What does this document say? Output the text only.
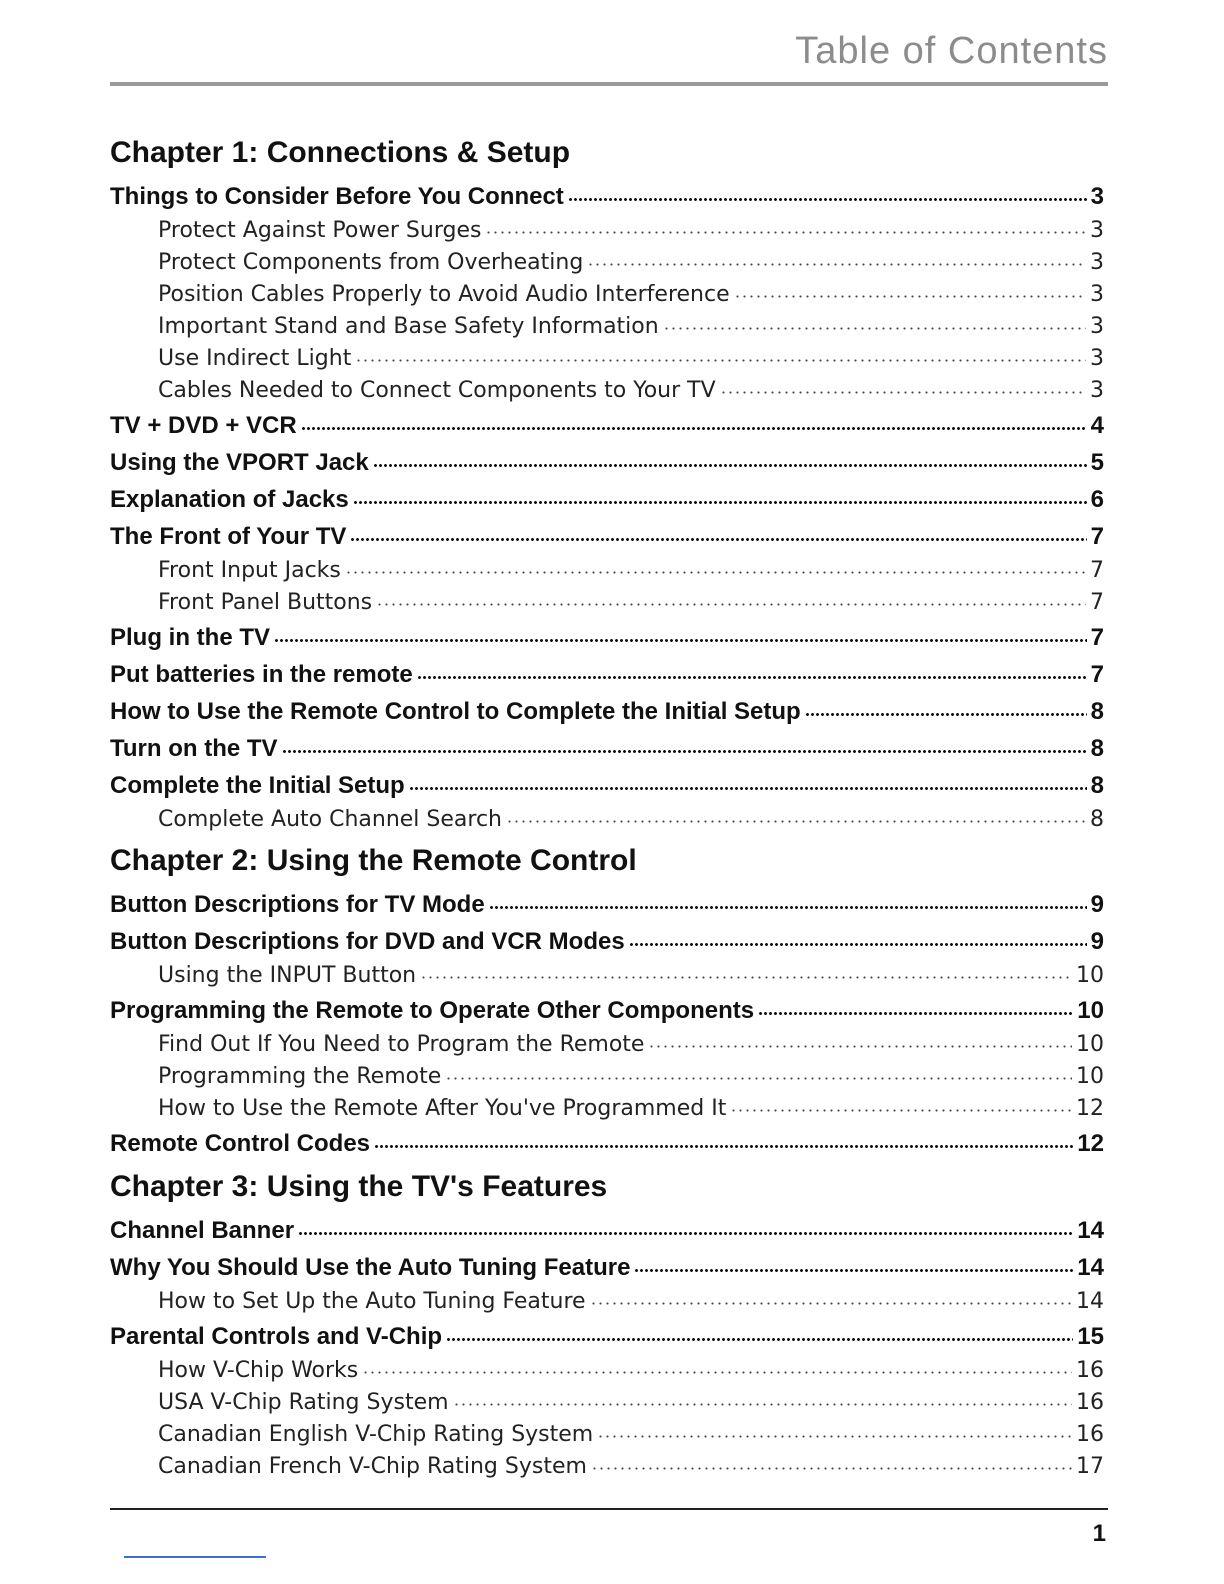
Table of Contents
Chapter 1: Connections & Setup
Things to Consider Before You Connect	3
Protect Against Power Surges	3
Protect Components from Overheating	3
Position Cables Properly to Avoid Audio Interference	3
Important Stand and Base Safety Information	3
Use Indirect Light	3
Cables Needed to Connect Components to Your TV	3
TV + DVD + VCR	4
Using the VPORT Jack	5
Explanation of Jacks	6
The Front of Your TV	7
Front Input Jacks	7
Front Panel Buttons	7
Plug in the TV	7
Put batteries in the remote	7
How to Use the Remote Control to Complete the Initial Setup	8
Turn on the TV	8
Complete the Initial Setup	8
Complete Auto Channel Search	8
Chapter 2: Using the Remote Control
Button Descriptions for TV Mode	9
Button Descriptions for DVD and VCR Modes	9
Using the INPUT Button	10
Programming the Remote to Operate Other Components	10
Find Out If You Need to Program the Remote	10
Programming the Remote	10
How to Use the Remote After You've Programmed It	12
Remote Control Codes	12
Chapter 3: Using the TV's Features
Channel Banner	14
Why You Should Use the Auto Tuning Feature	14
How to Set Up the Auto Tuning Feature	14
Parental Controls and V-Chip	15
How V-Chip Works	16
USA V-Chip Rating System	16
Canadian English V-Chip Rating System	16
Canadian French V-Chip Rating System	17
1
